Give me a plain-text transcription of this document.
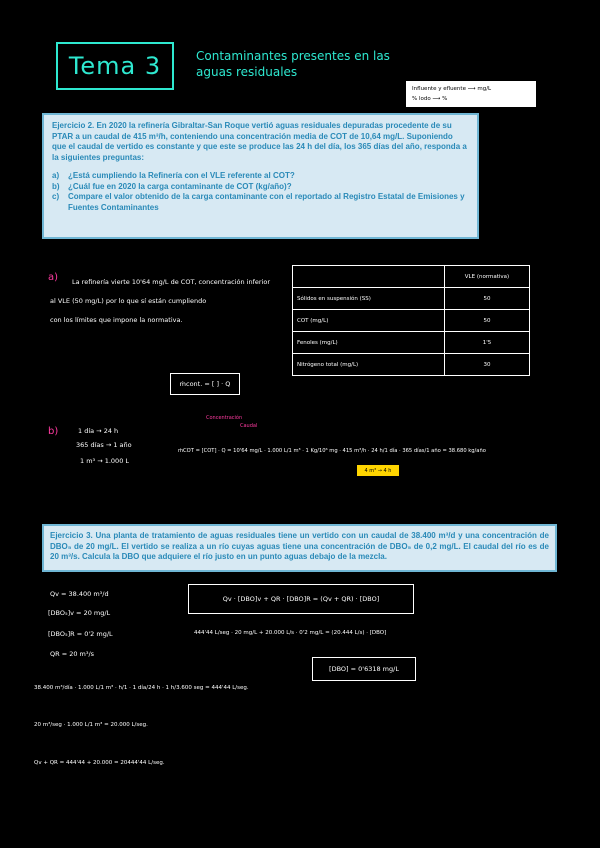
Tema 3	Contaminantes presentes en las aguas residuales
Influente y efluente ⟶ mg/L
% lodo ⟶ %
Ejercicio 2. En 2020 la refinería Gibraltar-San Roque vertió aguas residuales depuradas procedente de su PTAR a un caudal de 415 m³/h, conteniendo una concentración media de COT de 10,64 mg/L. Suponiendo que el caudal de vertido es constante y que este se produce las 24 h del día, los 365 días del año, responda a la siguientes preguntas:
a)	¿Está cumpliendo la Refinería con el VLE referente al COT?
b)	¿Cuál fue en 2020 la carga contaminante de COT (kg/año)?
c)	Compare el valor obtenido de la carga contaminante con el reportado al Registro Estatal de Emisiones y Fuentes Contaminantes
a) La refinería vierte 10'64 mg/L de COT, concentración inferior
al VLE (50 mg/L) por lo que sí están cumpliendo
con los límites que impone la normativa.
ṁcont. = [ ] · Q
	VLE (normativa)
Sólidos en suspensión (SS)	50
COT (mg/L)	50
Fenoles (mg/L)	1'5
Nitrógeno total (mg/L)	30
b)	1 día → 24 h
365 días → 1 año
1 m³ → 1.000 L
Concentración
Caudal
ṁCOT = [COT] · Q = 10'64 mg/L · 1.000 L/1 m³ · 1 Kg/10⁶ mg · 415 m³/h · 24 h/1 día · 365 días/1 año = 38.680 kg/año
4 m³ → 4 h
Ejercicio 3. Una planta de tratamiento de aguas residuales tiene un vertido con un caudal de 38.400 m³/d y una concentración de DBO₅ de 20 mg/L. El vertido se realiza a un río cuyas aguas tiene una concentración de DBO₅ de 0,2 mg/L. El caudal del río es de 20 m³/s. Calcula la DBO que adquiere el río justo en un punto aguas debajo de la mezcla.
Qv = 38.400 m³/d
[DBO₅]v = 20 mg/L
[DBO₅]R = 0'2 mg/L
QR = 20 m³/s
Qv · [DBO]v + QR · [DBO]R = (Qv + QR) · [DBO]
444'44 L/seg · 20 mg/L + 20.000 L/s · 0'2 mg/L = (20.444 L/s) · [DBO]
[DBO] = 0'6318 mg/L
38.400 m³/día · 1.000 L/1 m³ · h/1 · 1 día/24 h · 1 h/3.600 seg = 444'44 L/seg.
20 m³/seg · 1.000 L/1 m³ = 20.000 L/seg.
Qv + QR = 444'44 + 20.000 = 20444'44 L/seg.
